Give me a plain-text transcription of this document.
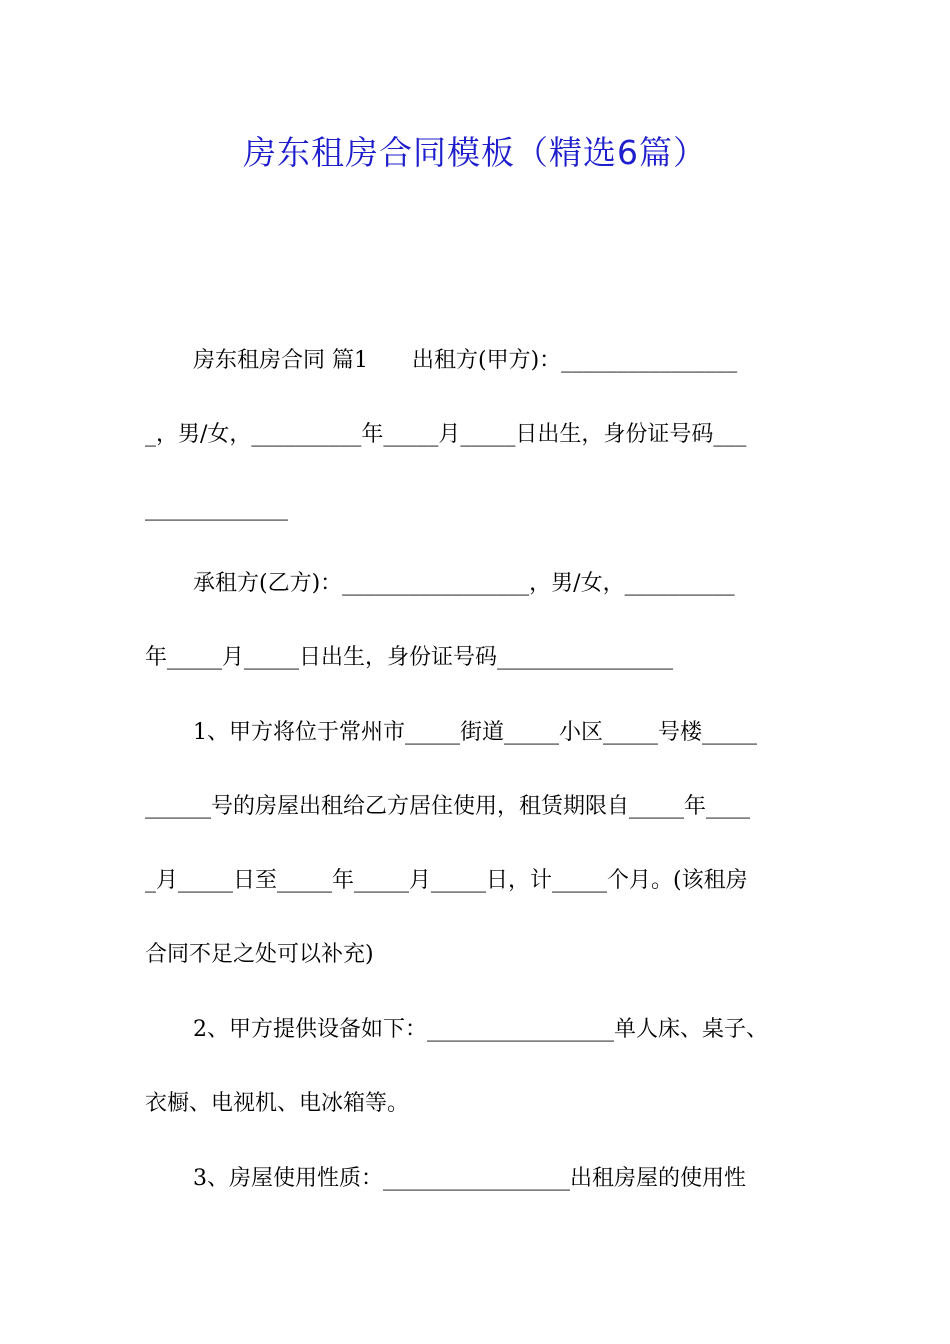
房东租房合同模板（精选6篇）

房东租房合同 篇1　　出租方(甲方)：________________

_，男/女，__________年_____月_____日出生，身份证号码___

_____________

承租方(乙方)：_________________，男/女，__________

年_____月_____日出生，身份证号码________________

1、甲方将位于常州市_____街道_____小区_____号楼_____

______号的房屋出租给乙方居住使用，租赁期限自_____年____

_月_____日至_____年_____月_____日，计_____个月。(该租房

合同不足之处可以补充)

2、甲方提供设备如下：_________________单人床、桌子、

衣橱、电视机、电冰箱等。

3、房屋使用性质：_________________出租房屋的使用性
